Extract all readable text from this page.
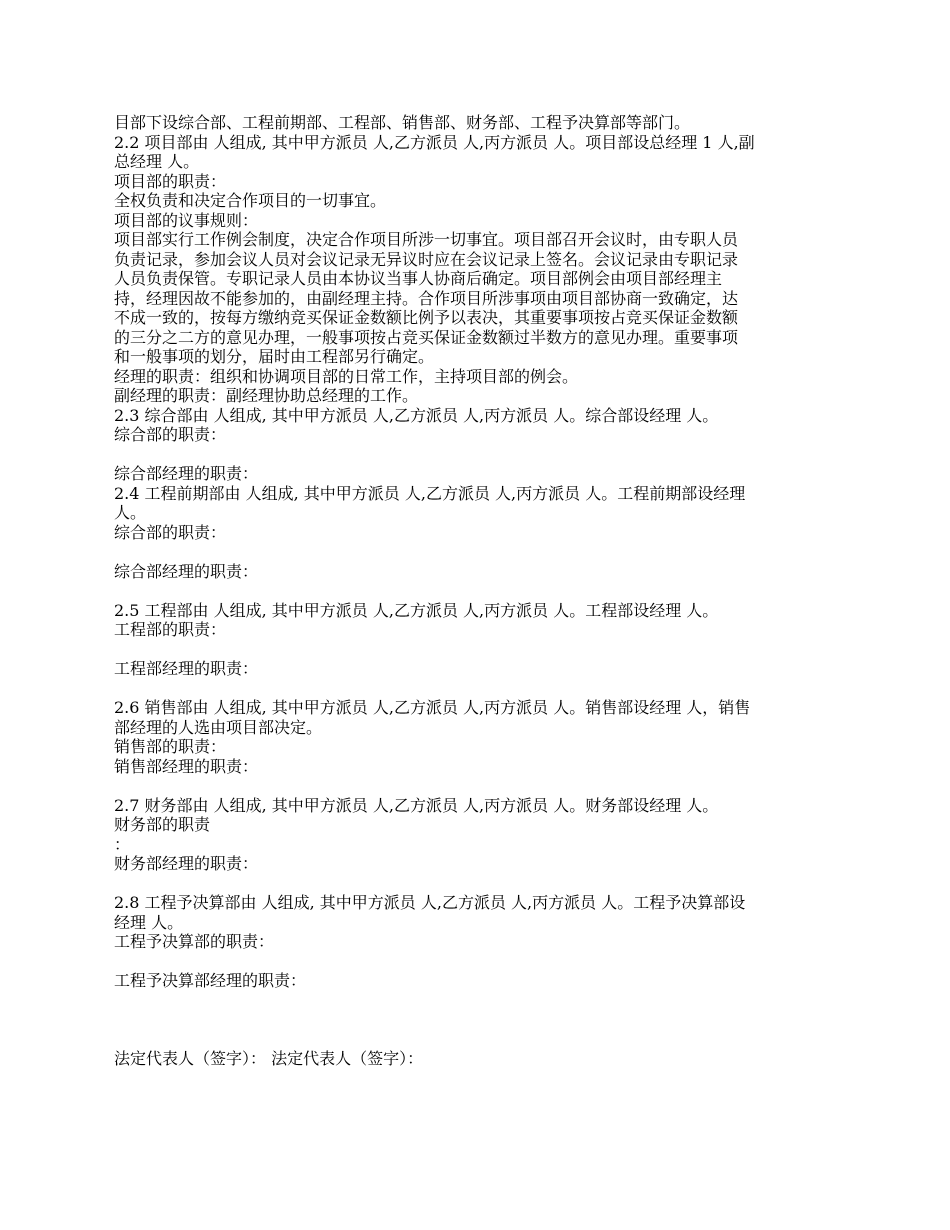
目部下设综合部、工程前期部、工程部、销售部、财务部、工程予决算部等部门。
2.2 项目部由 人组成, 其中甲方派员 人,乙方派员 人,丙方派员 人。项目部设总经理 1 人,副
总经理 人。
项目部的职责：
全权负责和决定合作项目的一切事宜。
项目部的议事规则：
项目部实行工作例会制度，决定合作项目所涉一切事宜。项目部召开会议时，由专职人员
负责记录，参加会议人员对会议记录无异议时应在会议记录上签名。会议记录由专职记录
人员负责保管。专职记录人员由本协议当事人协商后确定。项目部例会由项目部经理主
持，经理因故不能参加的，由副经理主持。合作项目所涉事项由项目部协商一致确定，达
不成一致的，按每方缴纳竞买保证金数额比例予以表决，其重要事项按占竞买保证金数额
的三分之二方的意见办理，一般事项按占竞买保证金数额过半数方的意见办理。重要事项
和一般事项的划分，届时由工程部另行确定。
经理的职责：组织和协调项目部的日常工作，主持项目部的例会。
副经理的职责：副经理协助总经理的工作。
2.3 综合部由 人组成, 其中甲方派员 人,乙方派员 人,丙方派员 人。综合部设经理 人。
综合部的职责：
综合部经理的职责：
2.4 工程前期部由 人组成, 其中甲方派员 人,乙方派员 人,丙方派员 人。工程前期部设经理
人。
综合部的职责：
综合部经理的职责：
2.5 工程部由 人组成, 其中甲方派员 人,乙方派员 人,丙方派员 人。工程部设经理 人。
工程部的职责：
工程部经理的职责：
2.6 销售部由 人组成, 其中甲方派员 人,乙方派员 人,丙方派员 人。销售部设经理 人，销售
部经理的人选由项目部决定。
销售部的职责：
销售部经理的职责：
2.7 财务部由 人组成, 其中甲方派员 人,乙方派员 人,丙方派员 人。财务部设经理 人。
财务部的职责
：
财务部经理的职责：
2.8 工程予决算部由 人组成, 其中甲方派员 人,乙方派员 人,丙方派员 人。工程予决算部设
经理 人。
工程予决算部的职责：
工程予决算部经理的职责：
法定代表人（签字）： 法定代表人（签字）：
